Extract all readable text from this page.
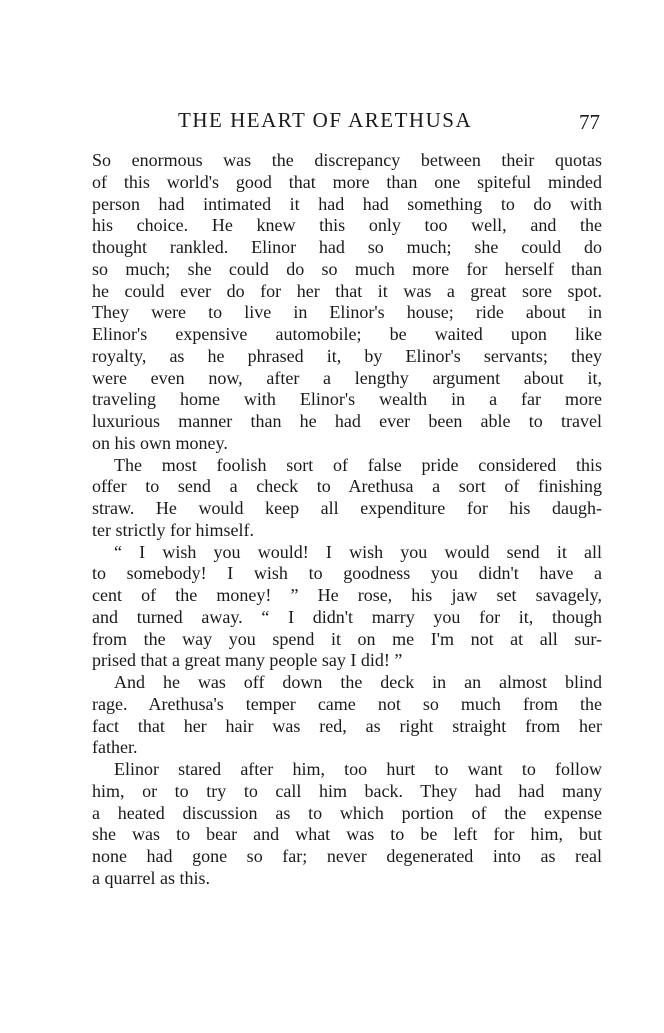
THE HEART OF ARETHUSA	77
So enormous was the discrepancy between their quotas
of this world's good that more than one spiteful minded
person had intimated it had had something to do with
his choice. He knew this only too well, and the
thought rankled. Elinor had so much; she could do
so much; she could do so much more for herself than
he could ever do for her that it was a great sore spot.
They were to live in Elinor's house; ride about in
Elinor's expensive automobile; be waited upon like
royalty, as he phrased it, by Elinor's servants; they
were even now, after a lengthy argument about it,
traveling home with Elinor's wealth in a far more
luxurious manner than he had ever been able to travel
on his own money.
The most foolish sort of false pride considered this
offer to send a check to Arethusa a sort of finishing
straw. He would keep all expenditure for his daugh-
ter strictly for himself.
“ I wish you would! I wish you would send it all
to somebody! I wish to goodness you didn't have a
cent of the money! ” He rose, his jaw set savagely,
and turned away. “ I didn't marry you for it, though
from the way you spend it on me I'm not at all sur-
prised that a great many people say I did! ”
And he was off down the deck in an almost blind
rage. Arethusa's temper came not so much from the
fact that her hair was red, as right straight from her
father.
Elinor stared after him, too hurt to want to follow
him, or to try to call him back. They had had many
a heated discussion as to which portion of the expense
she was to bear and what was to be left for him, but
none had gone so far; never degenerated into as real
a quarrel as this.
